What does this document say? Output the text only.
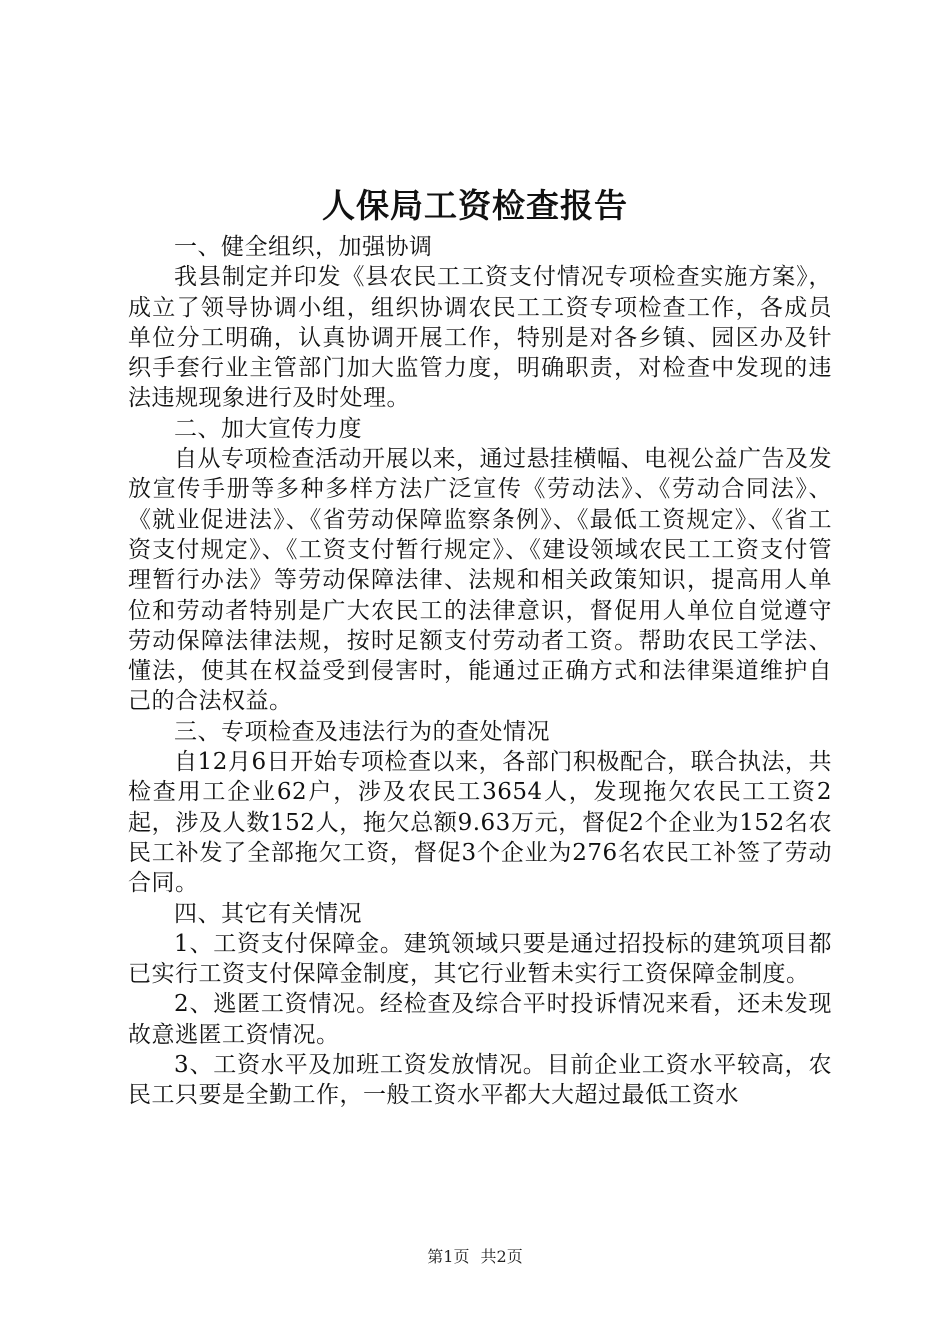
人保局工资检查报告

一、健全组织，加强协调

我县制定并印发《县农民工工资支付情况专项检查实施方案》，成立了领导协调小组，组织协调农民工工资专项检查工作，各成员单位分工明确，认真协调开展工作，特别是对各乡镇、园区办及针织手套行业主管部门加大监管力度，明确职责，对检查中发现的违法违规现象进行及时处理。

二、加大宣传力度

自从专项检查活动开展以来，通过悬挂横幅、电视公益广告及发放宣传手册等多种多样方法广泛宣传《劳动法》、《劳动合同法》、《就业促进法》、《省劳动保障监察条例》、《最低工资规定》、《省工资支付规定》、《工资支付暂行规定》、《建设领域农民工工资支付管理暂行办法》等劳动保障法律、法规和相关政策知识，提高用人单位和劳动者特别是广大农民工的法律意识，督促用人单位自觉遵守劳动保障法律法规，按时足额支付劳动者工资。帮助农民工学法、懂法，使其在权益受到侵害时，能通过正确方式和法律渠道维护自己的合法权益。

三、专项检查及违法行为的查处情况

自12月6日开始专项检查以来，各部门积极配合，联合执法，共检查用工企业62户，涉及农民工3654人，发现拖欠农民工工资2起，涉及人数152人，拖欠总额9.63万元，督促2个企业为152名农民工补发了全部拖欠工资，督促3个企业为276名农民工补签了劳动合同。

四、其它有关情况

1、工资支付保障金。建筑领域只要是通过招投标的建筑项目都已实行工资支付保障金制度，其它行业暂未实行工资保障金制度。

2、逃匿工资情况。经检查及综合平时投诉情况来看，还未发现故意逃匿工资情况。

3、工资水平及加班工资发放情况。目前企业工资水平较高，农民工只要是全勤工作，一般工资水平都大大超过最低工资水

第1页 共2页
